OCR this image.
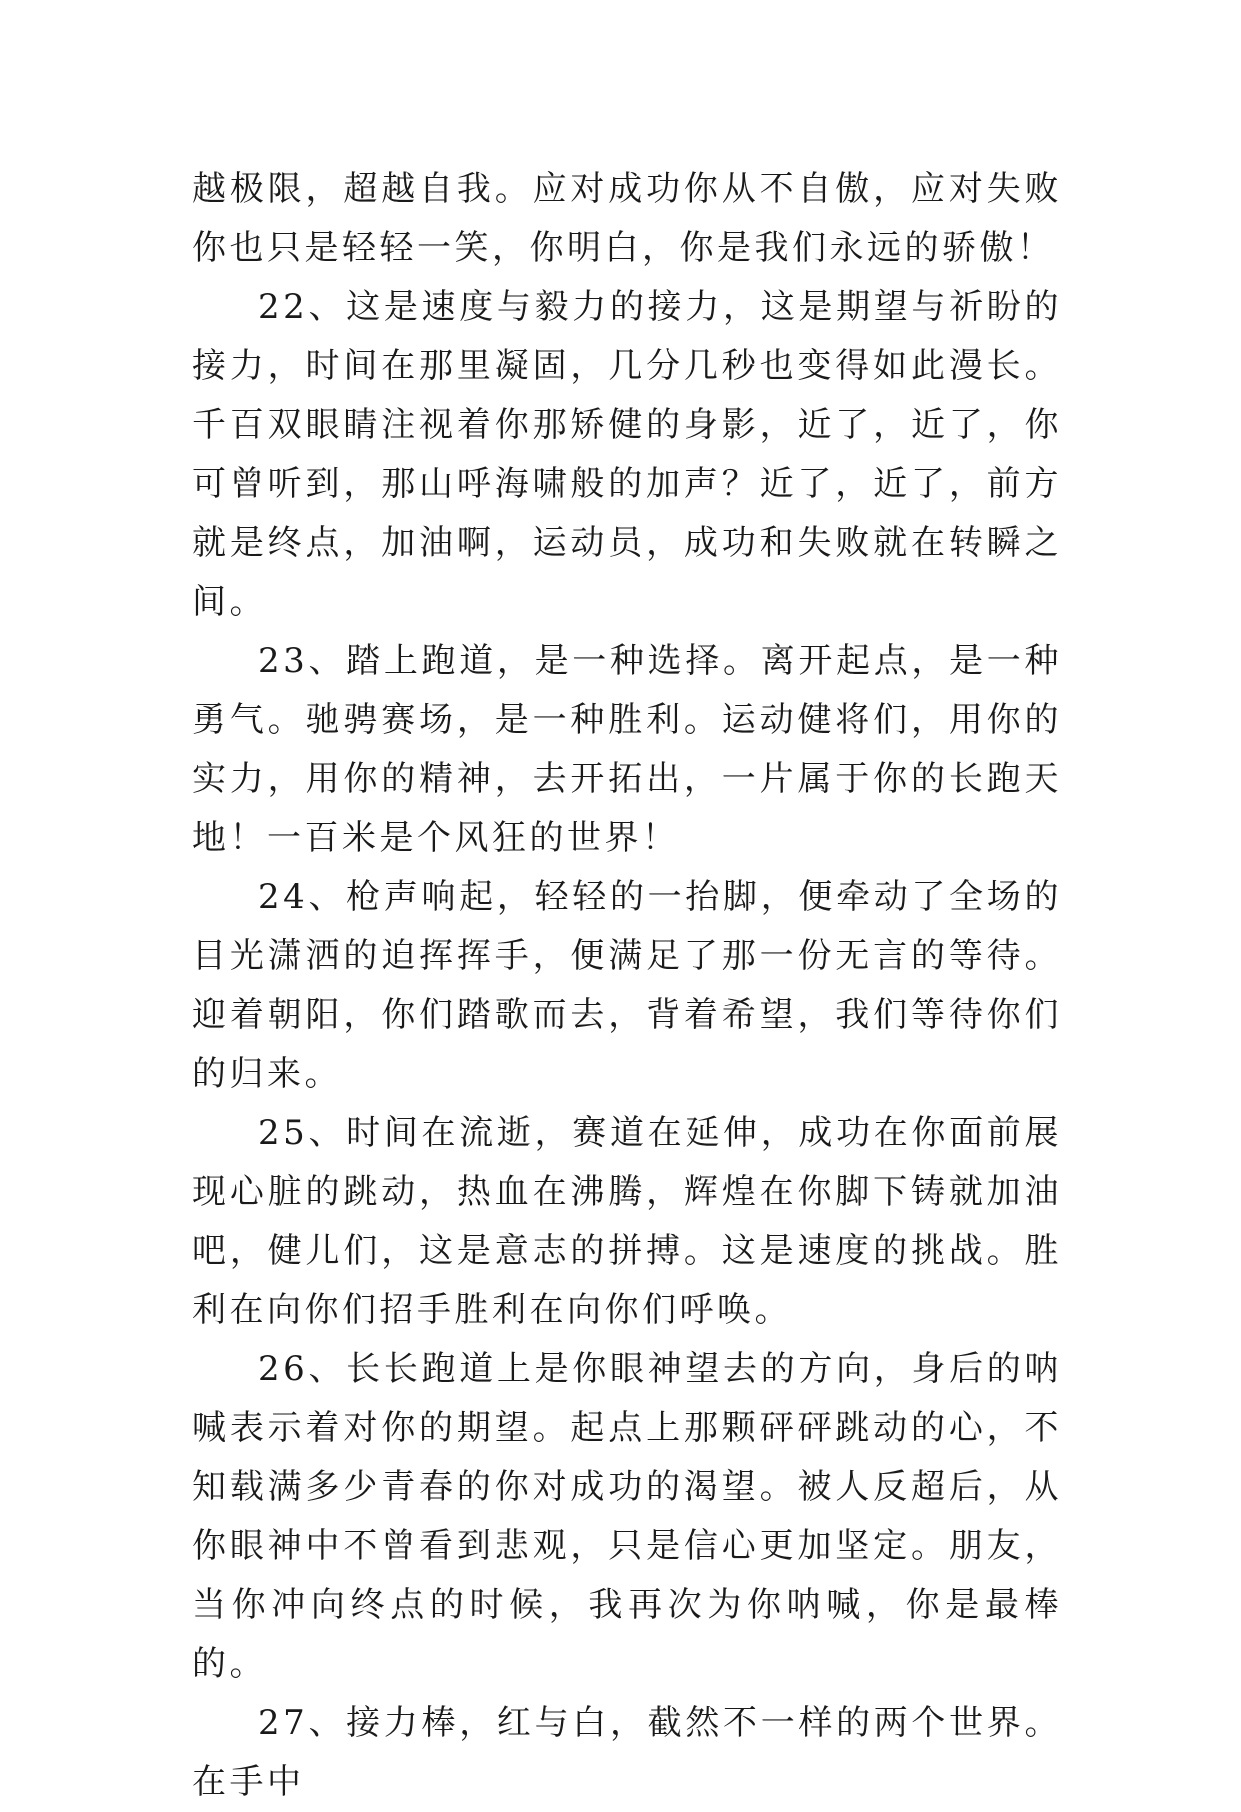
越极限，超越自我。应对成功你从不自傲，应对失败你也只是轻轻一笑，你明白，你是我们永远的骄傲！

22、这是速度与毅力的接力，这是期望与祈盼的接力，时间在那里凝固，几分几秒也变得如此漫长。千百双眼睛注视着你那矫健的身影，近了，近了，你可曾听到，那山呼海啸般的加声？近了，近了，前方就是终点，加油啊，运动员，成功和失败就在转瞬之间。

23、踏上跑道，是一种选择。离开起点，是一种勇气。驰骋赛场，是一种胜利。运动健将们，用你的实力，用你的精神，去开拓出，一片属于你的长跑天地！一百米是个风狂的世界！

24、枪声响起，轻轻的一抬脚，便牵动了全场的目光潇洒的迫挥挥手，便满足了那一份无言的等待。迎着朝阳，你们踏歌而去，背着希望，我们等待你们的归来。

25、时间在流逝，赛道在延伸，成功在你面前展现心脏的跳动，热血在沸腾，辉煌在你脚下铸就加油吧，健儿们，这是意志的拼搏。这是速度的挑战。胜利在向你们招手胜利在向你们呼唤。

26、长长跑道上是你眼神望去的方向，身后的呐喊表示着对你的期望。起点上那颗砰砰跳动的心，不知载满多少青春的你对成功的渴望。被人反超后，从你眼神中不曾看到悲观，只是信心更加坚定。朋友，当你冲向终点的时候，我再次为你呐喊，你是最棒的。

27、接力棒，红与白，截然不一样的两个世界。在手中
